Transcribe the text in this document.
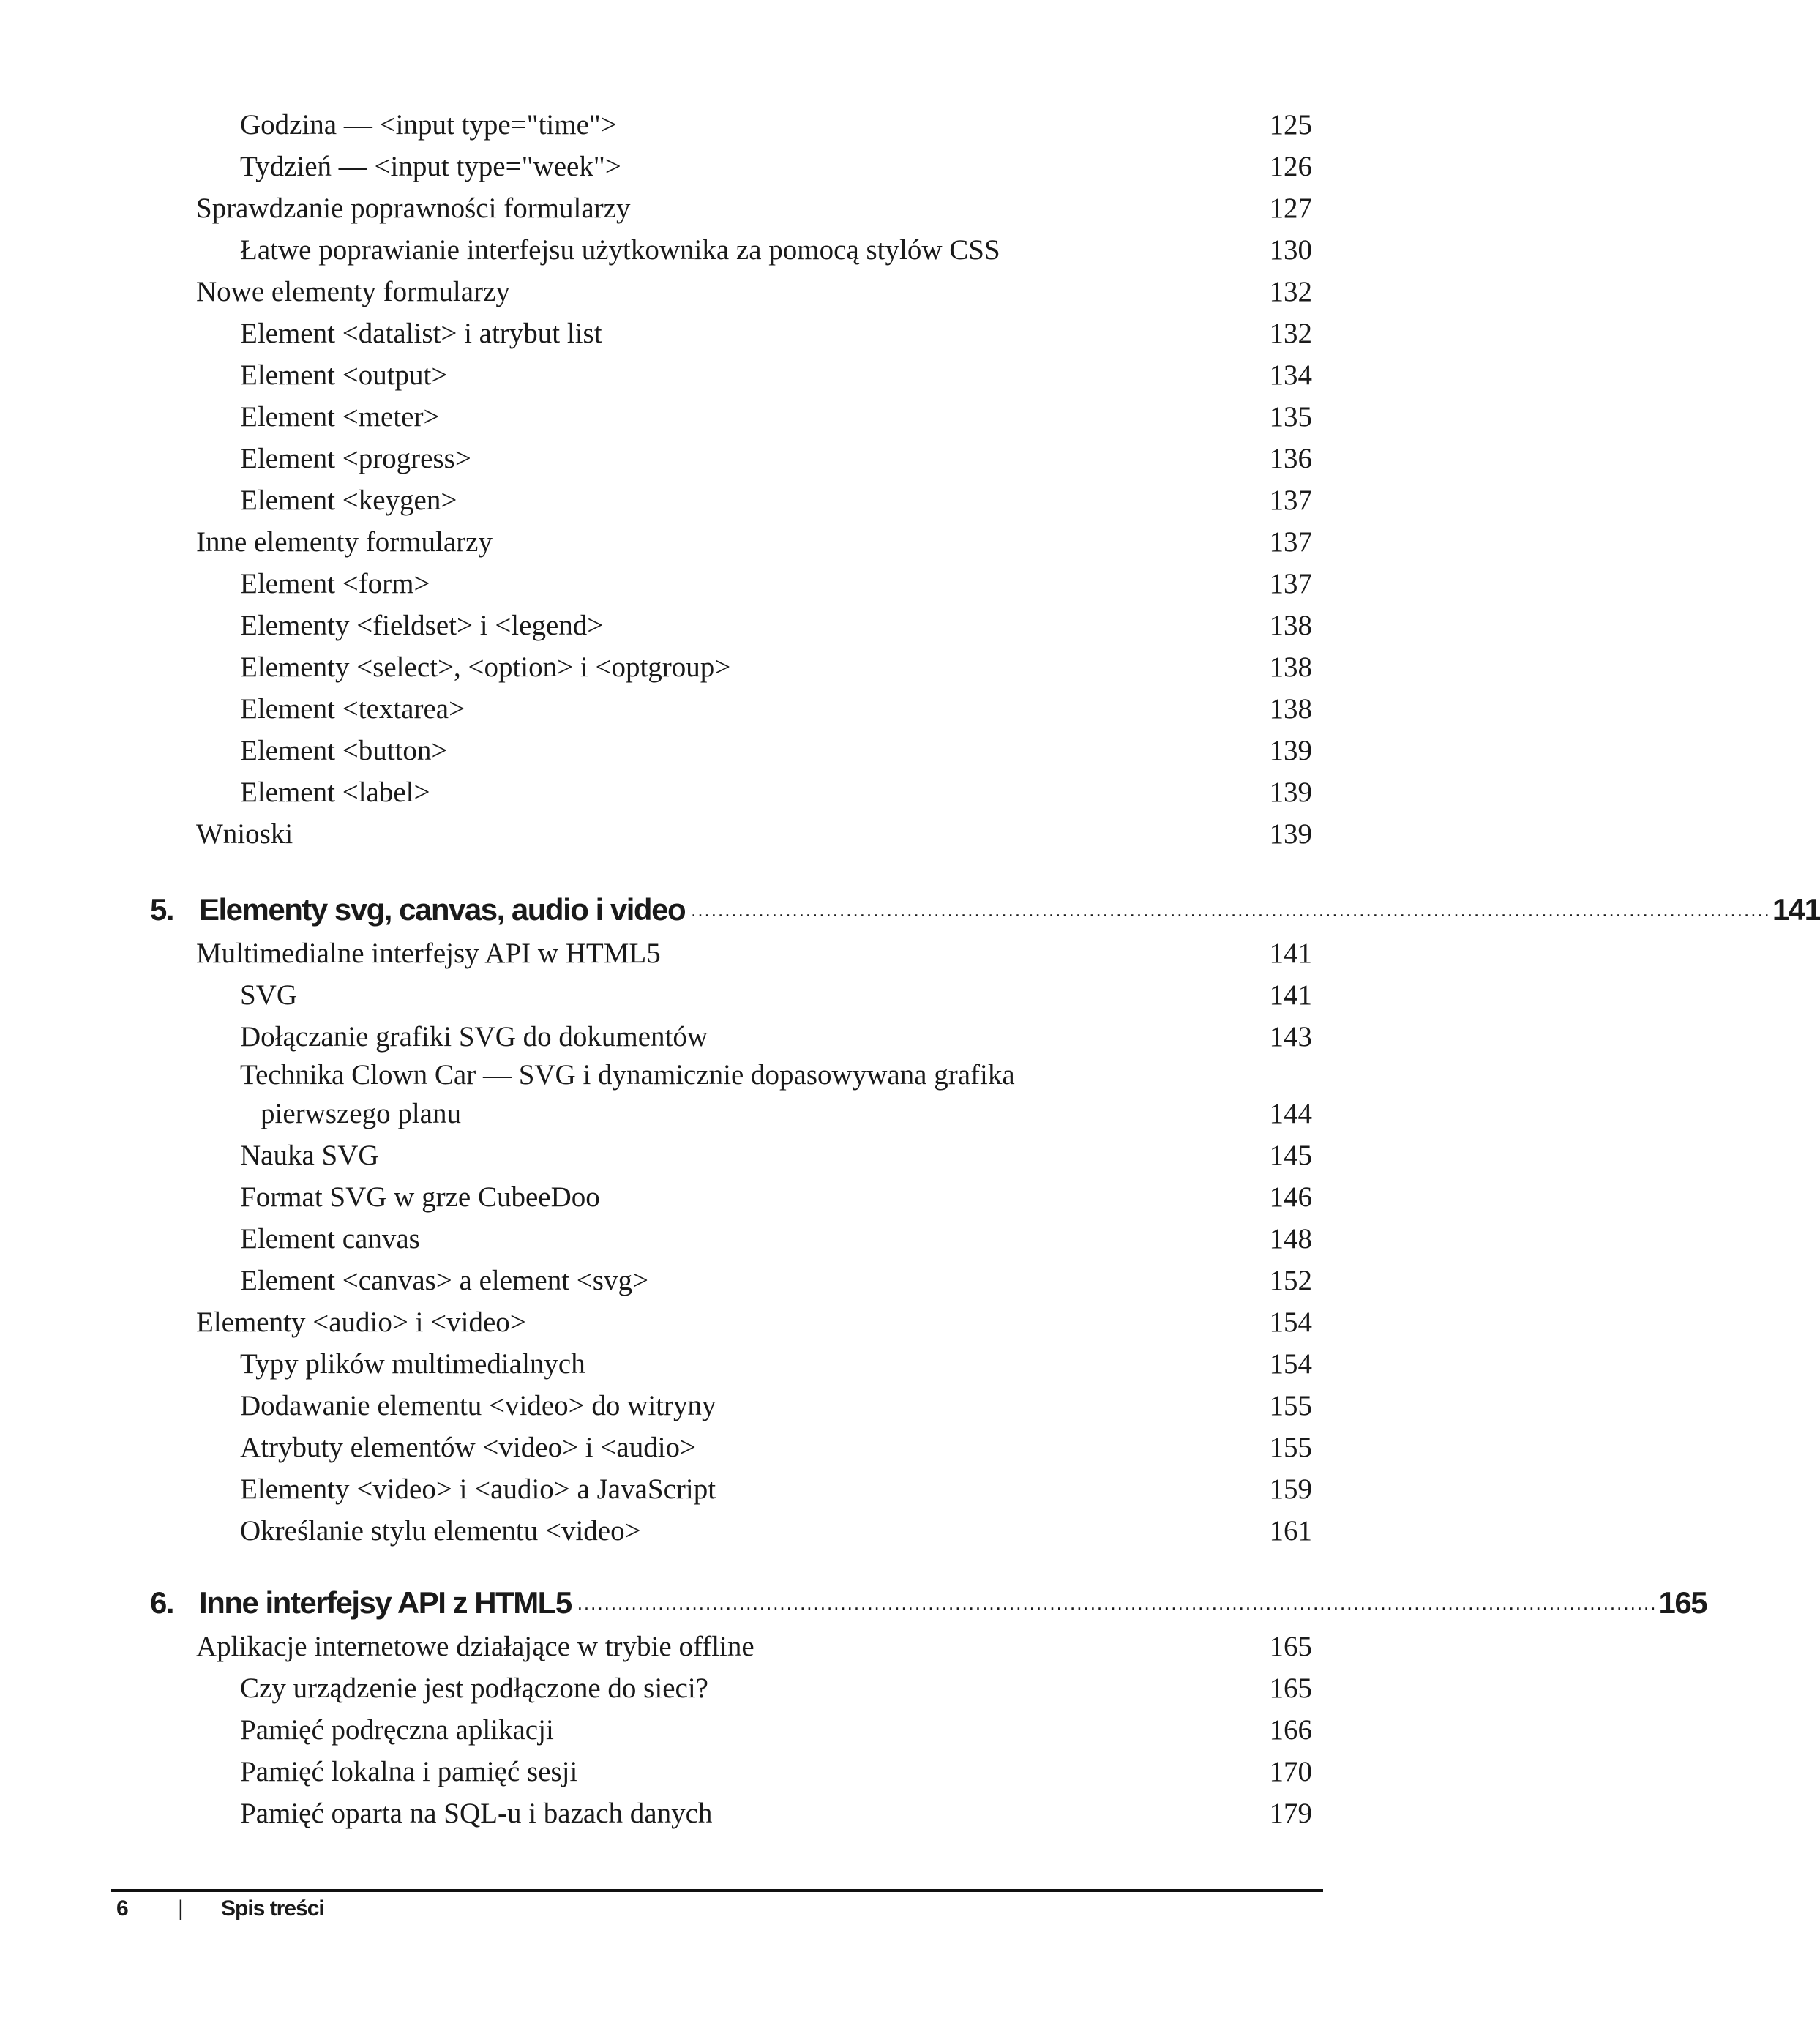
Godzina — <input type="time">	125
Tydzień — <input type="week">	126
Sprawdzanie poprawności formularzy	127
Łatwe poprawianie interfejsu użytkownika za pomocą stylów CSS	130
Nowe elementy formularzy	132
Element <datalist> i atrybut list	132
Element <output>	134
Element <meter>	135
Element <progress>	136
Element <keygen>	137
Inne elementy formularzy	137
Element <form>	137
Elementy <fieldset> i <legend>	138
Elementy <select>, <option> i <optgroup>	138
Element <textarea>	138
Element <button>	139
Element <label>	139
Wnioski	139
5. Elementy svg, canvas, audio i video ................................................................................................................................................................ 141
Multimedialne interfejsy API w HTML5	141
SVG	141
Dołączanie grafiki SVG do dokumentów	143
Technika Clown Car — SVG i dynamicznie dopasowywana grafika
pierwszego planu	144
Nauka SVG	145
Format SVG w grze CubeeDoo	146
Element canvas	148
Element <canvas> a element <svg>	152
Elementy <audio> i <video>	154
Typy plików multimedialnych	154
Dodawanie elementu <video> do witryny	155
Atrybuty elementów <video> i <audio>	155
Elementy <video> i <audio> a JavaScript	159
Określanie stylu elementu <video>	161
6. Inne interfejsy API z HTML5 ................................................................................................................................................................ 165
Aplikacje internetowe działające w trybie offline	165
Czy urządzenie jest podłączone do sieci?	165
Pamięć podręczna aplikacji	166
Pamięć lokalna i pamięć sesji	170
Pamięć oparta na SQL-u i bazach danych	179
6 | Spis treści
